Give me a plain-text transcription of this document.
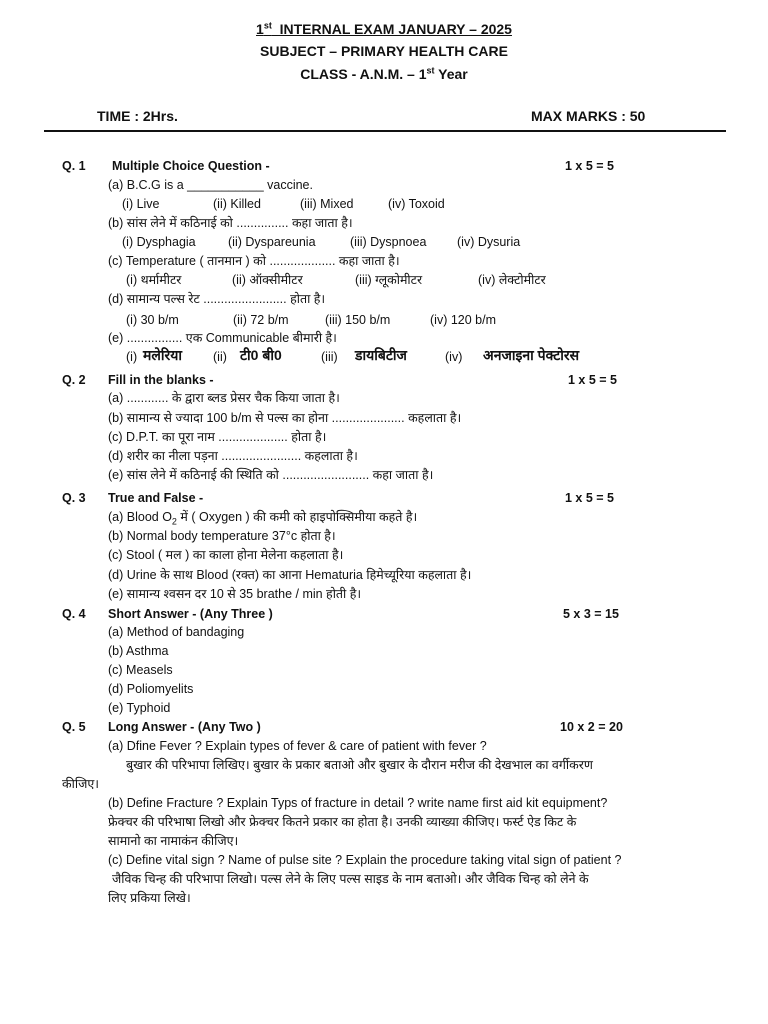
1st  INTERNAL EXAM JANUARY – 2025
SUBJECT – PRIMARY HEALTH CARE
CLASS - A.N.M. – 1st Year
TIME : 2Hrs.	MAX MARKS : 50
Q. 1 Multiple Choice Question -	1 x 5 = 5
(a) B.C.G is a ___________ vaccine.
(i) Live	(ii) Killed	(iii) Mixed	(iv) Toxoid
(b) सांस लेने में कठिनाई को ............... कहा जाता है।
(i) Dysphagia	(ii) Dyspareunia	(iii) Dyspnoea (iv) Dysuria
(c) Temperature ( तानमान ) को ................... कहा जाता है।
(i) थर्मामीटर	(ii) ऑक्सीमीटर	(iii) ग्लूकोमीटर	(iv) लेक्टोमीटर
(d) सामान्य पल्स रेट ........................ होता है।
(i) 30 b/m	(ii) 72 b/m	(iii) 150 b/m	(iv) 120 b/m
(e) ................ एक Communicable बीमारी है।
(i) मलेरिया (ii) टी0 बी0	(iii) डायबिटीज	(iv) अनजाइना पेक्टोरस
Q. 2 Fill in the blanks -	1 x 5 = 5
(a) ............ के द्वारा ब्लड प्रेसर चैक किया जाता है।
(b) सामान्य से ज्यादा 100 b/m से पल्स का होना ..................... कहलाता है।
(c) D.P.T. का पूरा नाम .................... होता है।
(d) शरीर का नीला पड़ना ....................... कहलाता है।
(e) सांस लेने में कठिनाई की स्थिति को ......................... कहा जाता है।
Q. 3 True and False -	1 x 5 = 5
(a) Blood $O_2$ में ( Oxygen ) की कमी को हाइपोक्सिमीया कहते है।
(b) Normal body temperature 37°c होता है।
(c) Stool ( मल ) का काला होना मेलेना कहलाता है।
(d) Urine के साथ Blood (रक्त) का आना Hematuria हिमेच्यूरिया कहलाता है।
(e) सामान्य श्वसन दर 10 से 35 brathe / min होती है।
Q. 4 Short Answer - (Any Three )	5 x 3 = 15
(a) Method of bandaging
(b) Asthma
(c) Measels
(d) Poliomyelits
(e) Typhoid
Q. 5 Long Answer - (Any Two )	10 x 2 = 20
(a) Dfine Fever ? Explain types of fever & care of patient with fever ?
बुखार की परिभापा लिखिए। बुखार के प्रकार बताओ और बुखार के दौरान मरीज की देखभाल का वर्गीकरण
कीजिए।
(b) Define Fracture ? Explain Typs of fracture in detail ? write name first aid kit equipment?
फ्रेक्चर की परिभाषा लिखो और फ्रेक्चर कितने प्रकार का होता है। उनकी व्याख्या कीजिए। फर्स्ट ऐड किट के
सामानो का नामाकंन कीजिए।
(c) Define vital sign ? Name of pulse site ? Explain the procedure taking vital sign of patient ?
जैविक चिन्ह की परिभापा लिखो। पल्स लेने के लिए पल्स साइड के नाम बताओ। और जैविक चिन्ह को लेने के
लिए प्रकिया लिखे।
